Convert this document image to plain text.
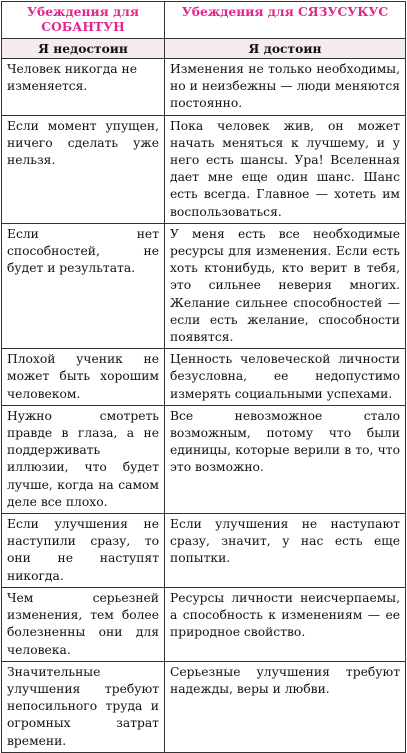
Убеждения для СОБАНТУН	Убеждения для СЯЗУСУКУС
Я недостоин	Я достоин
Человек никогда не изменяется.	Изменения не только необходимы, но и неизбежны — люди меняются постоянно.
Если момент упущен, ничего сделать уже нельзя.	Пока человек жив, он может начать меняться к лучшему, и у него есть шансы. Ура! Вселенная дает мне еще один шанс. Шанс есть всегда. Главное — хотеть им воспользоваться.
Если нет способностей, не будет и результата.	У меня есть все необходимые ресурсы для изменения. Если есть хоть ктонибудь, кто верит в тебя, это сильнее неверия многих. Желание сильнее способностей — если есть желание, способности появятся.
Плохой ученик не может быть хорошим человеком.	Ценность человеческой личности безусловна, ее недопустимо измерять социальными успехами.
Нужно смотреть правде в глаза, а не поддерживать иллюзии, что будет лучше, когда на самом деле все плохо.	Все невозможное стало возможным, потому что были единицы, которые верили в то, что это возможно.
Если улучшения не наступили сразу, то они не наступят никогда.	Если улучшения не наступают сразу, значит, у нас есть еще попытки.
Чем серьезней изменения, тем более болезненны они для человека.	Ресурсы личности неисчерпаемы, а способность к изменениям — ее природное свойство.
Значительные улучшения требуют непосильного труда и огромных затрат времени.	Серьезные улучшения требуют надежды, веры и любви.
